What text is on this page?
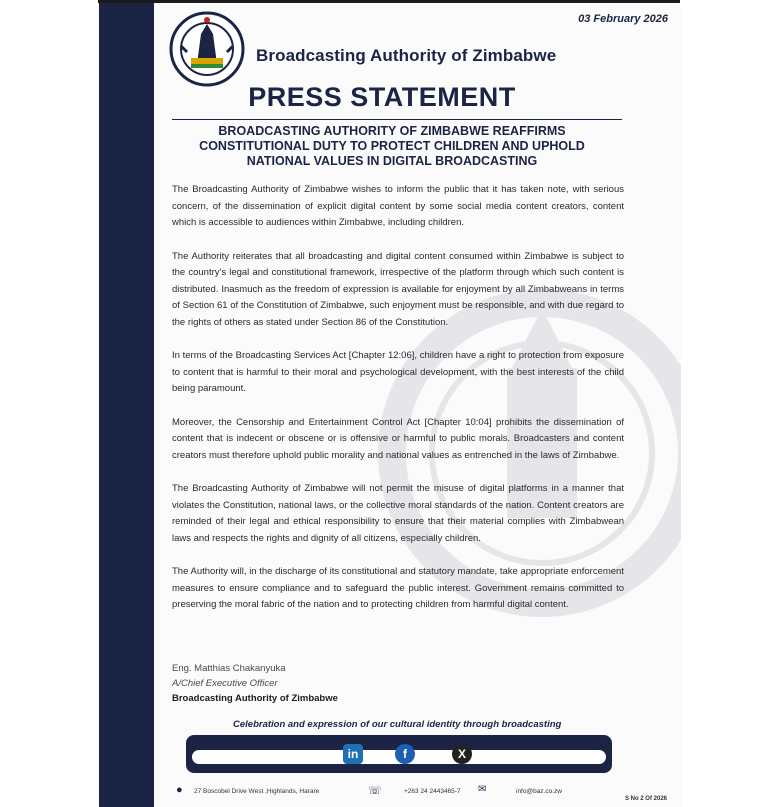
03 February 2026
Broadcasting Authority of Zimbabwe
PRESS STATEMENT
BROADCASTING AUTHORITY OF ZIMBABWE REAFFIRMS CONSTITUTIONAL DUTY TO PROTECT CHILDREN AND UPHOLD NATIONAL VALUES IN DIGITAL BROADCASTING

The Broadcasting Authority of Zimbabwe wishes to inform the public that it has taken note, with serious concern, of the dissemination of explicit digital content by some social media content creators, content which is accessible to audiences within Zimbabwe, including children.

The Authority reiterates that all broadcasting and digital content consumed within Zimbabwe is subject to the country's legal and constitutional framework, irrespective of the platform through which such content is distributed. Inasmuch as the freedom of expression is available for enjoyment by all Zimbabweans in terms of Section 61 of the Constitution of Zimbabwe, such enjoyment must be responsible, and with due regard to the rights of others as stated under Section 86 of the Constitution.

In terms of the Broadcasting Services Act [Chapter 12:06], children have a right to protection from exposure to content that is harmful to their moral and psychological development, with the best interests of the child being paramount.

Moreover, the Censorship and Entertainment Control Act [Chapter 10:04] prohibits the dissemination of content that is indecent or obscene or is offensive or harmful to public morals. Broadcasters and content creators must therefore uphold public morality and national values as entrenched in the laws of Zimbabwe.

The Broadcasting Authority of Zimbabwe will not permit the misuse of digital platforms in a manner that violates the Constitution, national laws, or the collective moral standards of the nation. Content creators are reminded of their legal and ethical responsibility to ensure that their material complies with Zimbabwean laws and respects the rights and dignity of all citizens, especially children.

The Authority will, in the discharge of its constitutional and statutory mandate, take appropriate enforcement measures to ensure compliance and to safeguard the public interest. Government remains committed to preserving the moral fabric of the nation and to protecting children from harmful digital content.

Eng. Matthias Chakanyuka
A/Chief Executive Officer
Broadcasting Authority of Zimbabwe
Celebration and expression of our cultural identity through broadcasting
in	f	X
● 27 Boscobel Drive West ,Highlands, Harare	☏	+263 24 2443465-7 ✉	info@baz.co.zw
S No 2 Of 2026
